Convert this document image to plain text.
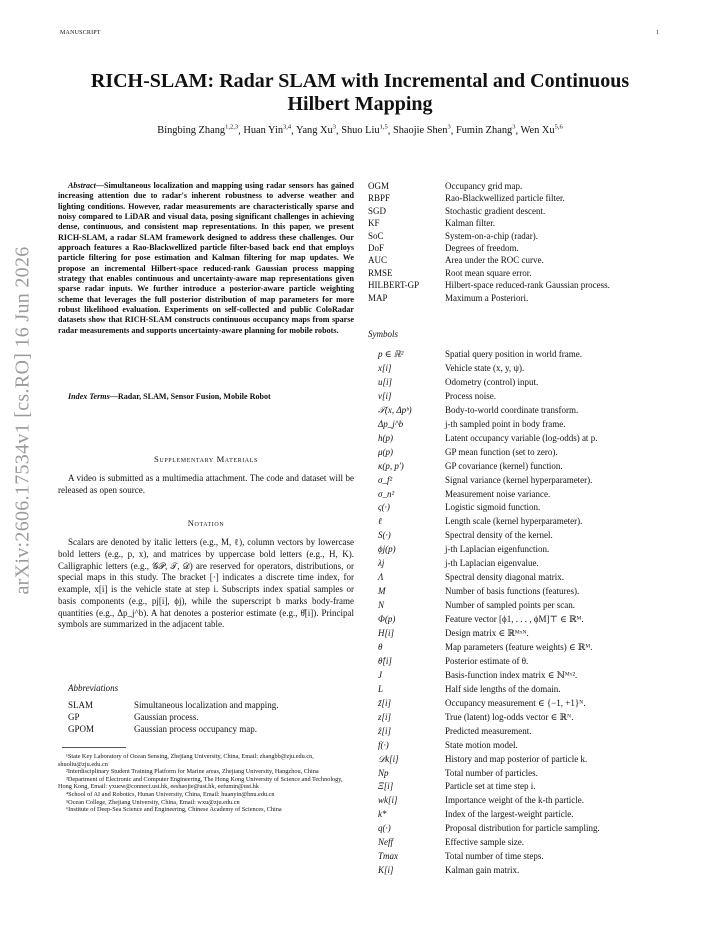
MANUSCRIPT	1
arXiv:2606.17534v1 [cs.RO] 16 Jun 2026
RICH-SLAM: Radar SLAM with Incremental and Continuous Hilbert Mapping
Bingbing Zhang$^{1,2,3}$, Huan Yin$^{3,4}$, Yang Xu$^3$, Shuo Liu$^{1,5}$, Shaojie Shen$^3$, Fumin Zhang$^3$, Wen Xu$^{5,6}$
Abstract—Simultaneous localization and mapping using radar sensors has gained increasing attention due to radar's inherent robustness to adverse weather and lighting conditions. However, radar measurements are characteristically sparse and noisy compared to LiDAR and visual data, posing significant challenges in achieving dense, continuous, and consistent map representations. In this paper, we present RICH-SLAM, a radar SLAM framework designed to address these challenges. Our approach features a Rao-Blackwellized particle filter-based back end that employs particle filtering for pose estimation and Kalman filtering for map updates. We propose an incremental Hilbert-space reduced-rank Gaussian process mapping strategy that enables continuous and uncertainty-aware map representations given sparse radar inputs. We further introduce a posterior-aware particle weighting scheme that leverages the full posterior distribution of map parameters for more robust likelihood evaluation. Experiments on self-collected and public ColoRadar datasets show that RICH-SLAM constructs continuous occupancy maps from sparse radar measurements and supports uncertainty-aware planning for mobile robots.
Index Terms—Radar, SLAM, Sensor Fusion, Mobile Robot
Supplementary Materials
A video is submitted as a multimedia attachment. The code and dataset will be released as open source.
Notation
Scalars are denoted by italic letters (e.g., M, ℓ), column vectors by lowercase bold letters (e.g., p, x), and matrices by uppercase bold letters (e.g., H, K). Calligraphic letters (e.g., 𝒢𝒫, 𝒯, 𝒟) are reserved for operators, distributions, or special maps in this study. The bracket [·] indicates a discrete time index, for example, x[i] is the vehicle state at step i. Subscripts index spatial samples or basis components (e.g., pj[i], ϕj), while the superscript b marks body-frame quantities (e.g., Δp_j^b). A hat denotes a posterior estimate (e.g., θ̂[i]). Principal symbols are summarized in the adjacent table.
Abbreviations
SLAM	Simultaneous localization and mapping.
GP	Gaussian process.
GPOM	Gaussian process occupancy map.
¹State Key Laboratory of Ocean Sensing, Zhejiang University, China, Email: zhangbb@zju.edu.cn, shuoliu@zju.edu.cn
²Interdisciplinary Student Training Platform for Marine areas, Zhejiang University, Hangzhou, China
³Department of Electronic and Computer Engineering, The Hong Kong University of Science and Technology, Hong Kong, Email: yxuew@connect.ust.hk, eeshaojie@ust.hk, eefumin@ust.hk
⁴School of AI and Robotics, Hunan University, China, Email: huanyin@hnu.edu.cn
⁵Ocean College, Zhejiang University, China, Email: wxu@zju.edu.cn
⁶Institute of Deep-Sea Science and Engineering, Chinese Academy of Sciences, China
OGM	Occupancy grid map.
RBPF	Rao-Blackwellized particle filter.
SGD	Stochastic gradient descent.
KF	Kalman filter.
SoC	System-on-a-chip (radar).
DoF	Degrees of freedom.
AUC	Area under the ROC curve.
RMSE	Root mean square error.
HILBERT-GP	Hilbert-space reduced-rank Gaussian process.
MAP	Maximum a Posteriori.
Symbols
p ∈ ℝ²	Spatial query position in world frame.
x[i]	Vehicle state (x, y, ψ).
u[i]	Odometry (control) input.
v[i]	Process noise.
𝒯(x, Δpᵇ)	Body-to-world coordinate transform.
Δp_j^b	j-th sampled point in body frame.
h(p)	Latent occupancy variable (log-odds) at p.
μ(p)	GP mean function (set to zero).
κ(p, p′)	GP covariance (kernel) function.
σ_f²	Signal variance (kernel hyperparameter).
σ_n²	Measurement noise variance.
ς(·)	Logistic sigmoid function.
ℓ	Length scale (kernel hyperparameter).
S(·)	Spectral density of the kernel.
ϕj(p)	j-th Laplacian eigenfunction.
λj	j-th Laplacian eigenvalue.
Λ	Spectral density diagonal matrix.
M	Number of basis functions (features).
N	Number of sampled points per scan.
Φ(p)	Feature vector [ϕ1, . . . , ϕM]⊤ ∈ ℝᴹ.
H[i]	Design matrix ∈ ℝᴹˣᴺ.
θ	Map parameters (feature weights) ∈ ℝᴹ.
θ̂[i]	Posterior estimate of θ.
J	Basis-function index matrix ∈ ℕᴹˣ².
L	Half side lengths of the domain.
z̃[i]	Occupancy measurement ∈ {−1, +1}ᴺ.
z[i]	True (latent) log-odds vector ∈ ℝᴺ.
ẑ[i]	Predicted measurement.
f(·)	State motion model.
𝒟k[i]	History and map posterior of particle k.
Np	Total number of particles.
Ξ[i]	Particle set at time step i.
wk[i]	Importance weight of the k-th particle.
k*	Index of the largest-weight particle.
q(·)	Proposal distribution for particle sampling.
Neff	Effective sample size.
Tmax	Total number of time steps.
K[i]	Kalman gain matrix.
